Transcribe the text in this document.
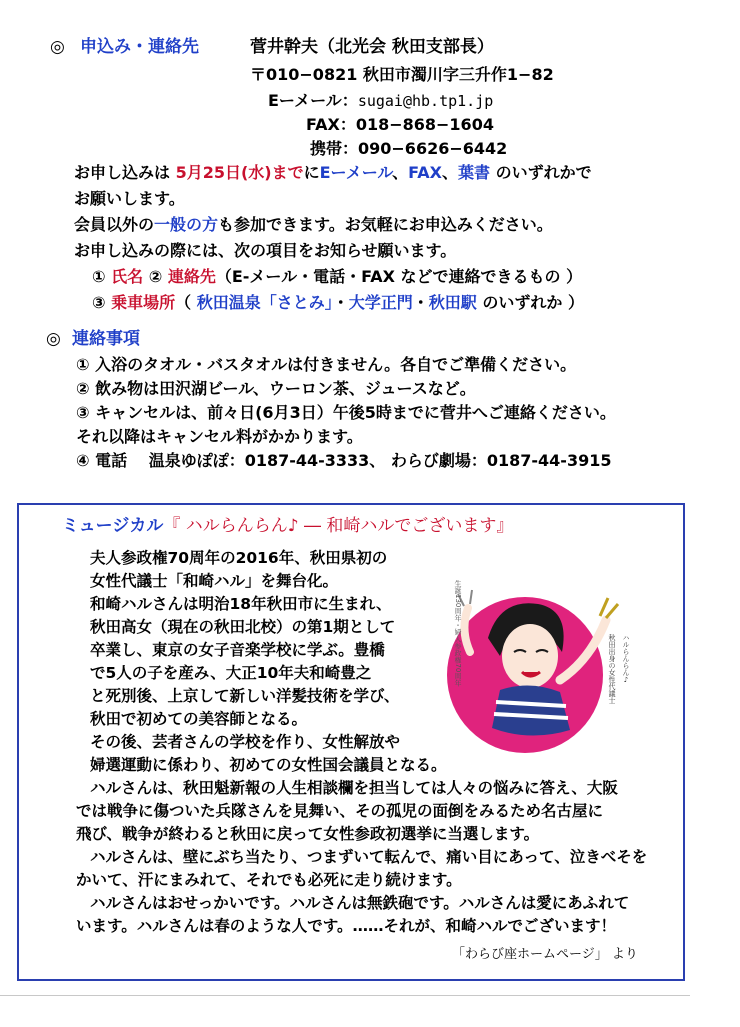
◎ 申込み・連絡先	菅井幹夫（北光会 秋田支部長）
〒010−0821 秋田市濁川字三升作1−82
Eーメール：sugai@hb.tp1.jp
FAX：018−868−1604
携帯：090−6626−6442
お申し込みは 5月25日(水)までにEーメール、FAX、葉書 のいずれかで
お願いします。
会員以外の一般の方も参加できます。お気軽にお申込みください。
お申し込みの際には、次の項目をお知らせ願います。
① 氏名 ② 連絡先（E-メール・電話・FAX などで連絡できるもの ）
③ 乗車場所（ 秋田温泉「さとみ」・大学正門・秋田駅 のいずれか ）
◎ 連絡事項
① 入浴のタオル・バスタオルは付きません。各自でご準備ください。
② 飲み物は田沢湖ビール、ウーロン茶、ジュースなど。
③ キャンセルは、前々日(6月3日）午後5時までに菅井へご連絡ください。
それ以降はキャンセル料がかかります。
④ 電話　 温泉ゆぽぽ：0187-44-3333、 わらび劇場：0187-44-3915
ミュージカル『 ハルらんらん♪ ― 和崎ハルでございます』
生誕130周年・婦人参政権70周年	秋田出身の女性代議士 ハルらんらん♪
夫人参政権70周年の2016年、秋田県初の
女性代議士「和崎ハル」を舞台化。
和崎ハルさんは明治18年秋田市に生まれ、
秋田高女（現在の秋田北校）の第1期として
卒業し、東京の女子音楽学校に学ぶ。豊橋
で5人の子を産み、大正10年夫和崎豊之
と死別後、上京して新しい洋髪技術を学び、
秋田で初めての美容師となる。
その後、芸者さんの学校を作り、女性解放や
婦選運動に係わり、初めての女性国会議員となる。
ハルさんは、秋田魁新報の人生相談欄を担当しては人々の悩みに答え、大阪
では戦争に傷ついた兵隊さんを見舞い、その孤児の面倒をみるため名古屋に
飛び、戦争が終わると秋田に戻って女性参政初選挙に当選します。
ハルさんは、壁にぶち当たり、つまずいて転んで、痛い目にあって、泣きべそを
かいて、汗にまみれて、それでも必死に走り続けます。
ハルさんはおせっかいです。ハルさんは無鉄砲です。ハルさんは愛にあふれて
います。ハルさんは春のような人です。……それが、和崎ハルでございます！
「わらび座ホームページ」 より
